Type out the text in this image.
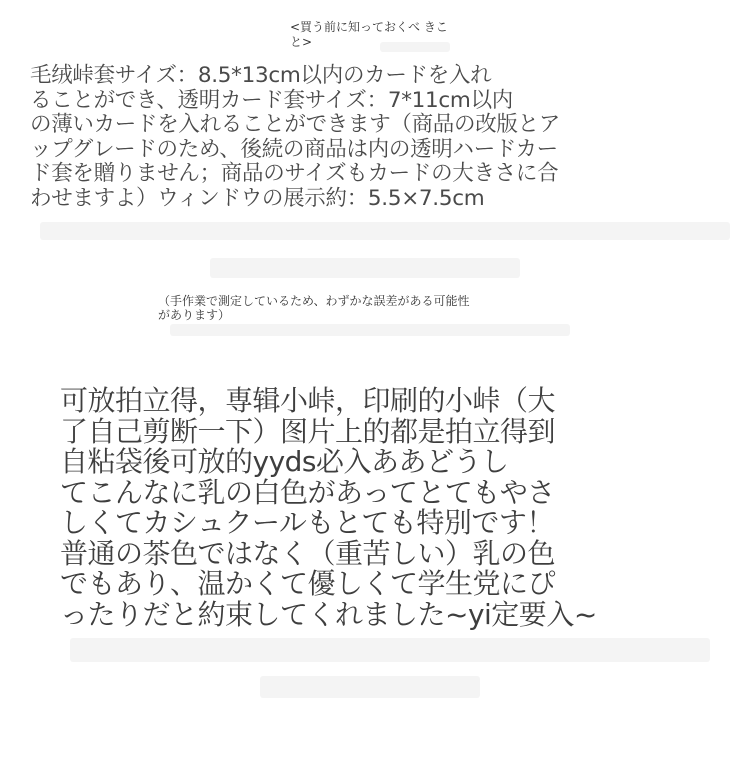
<買う前に知っておくべ きこと>

毛绒峠套サイズ：8.5*13cm以内のカードを入れ
ることができ、透明カード套サイズ：7*11cm以内
の薄いカードを入れることができます（商品の改版とア
ップグレードのため、後続の商品は内の透明ハードカー
ド套を贈りません；商品のサイズもカードの大きさに合
わせますよ）ウィンドウの展示約：5.5×7.5cm

（手作業で測定しているため、わずかな誤差がある可能性
があります）

可放拍立得，専辑小峠，印刷的小峠（大
了自己剪断一下）图片上的都是拍立得到
自粘袋後可放的yyds必入ああどうし
てこんなに乳の白色があってとてもやさ
しくてカシュクールもとても特別です！
普通の茶色ではなく（重苦しい）乳の色
でもあり、温かくて優しくて学生党にぴ
ったりだと約束してくれました~yi定要入~
